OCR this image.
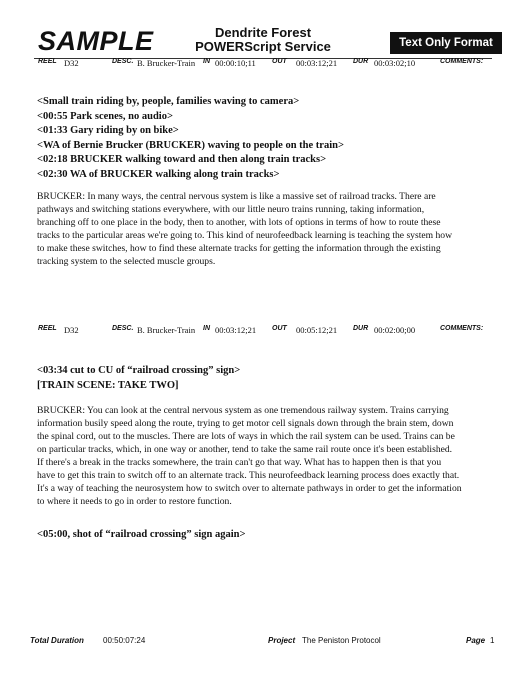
SAMPLE	Dendrite Forest
POWERScript Service	Text Only Format
REEL D32	DESC. B. Brucker-Train IN 00:00:10;11 OUT 00:03:12;21 DUR 00:03:02;10	COMMENTS:
<Small train riding by, people, families waving to camera>
<00:55 Park scenes, no audio>
<01:33 Gary riding by on bike>
<WA of Bernie Brucker (BRUCKER) waving to people on the train>
<02:18 BRUCKER walking toward and then along train tracks>
<02:30 WA of BRUCKER walking along train tracks>
BRUCKER: In many ways, the central nervous system is like a massive set of railroad tracks. There are
pathways and switching stations everywhere, with our little neuro trains running, taking information,
branching off to one place in the body, then to another, with lots of options in terms of how to route these
tracks to the particular areas we're going to. This kind of neurofeedback learning is teaching the system how
to make these switches, how to find these alternate tracks for getting the information through the existing
tracking system to the selected muscle groups.
REEL D32	DESC. B. Brucker-Train IN 00:03:12;21 OUT 00:05:12;21 DUR 00:02:00;00	COMMENTS:
<03:34 cut to CU of “railroad crossing” sign>
[TRAIN SCENE: TAKE TWO]
BRUCKER: You can look at the central nervous system as one tremendous railway system. Trains carrying
information busily speed along the route, trying to get motor cell signals down through the brain stem, down
the spinal cord, out to the muscles. There are lots of ways in which the rail system can be used. Trains can be
on particular tracks, which, in one way or another, tend to take the same rail route once it's been established.
If there's a break in the tracks somewhere, the train can't go that way. What has to happen then is that you
have to get this train to switch off to an alternate track. This neurofeedback learning process does exactly that.
It's a way of teaching the neurosystem how to switch over to alternate pathways in order to get the information
to where it needs to go in order to restore function.
<05:00, shot of “railroad crossing” sign again>
Total Duration 00:50:07:24	Project The Peniston Protocol	Page 1
